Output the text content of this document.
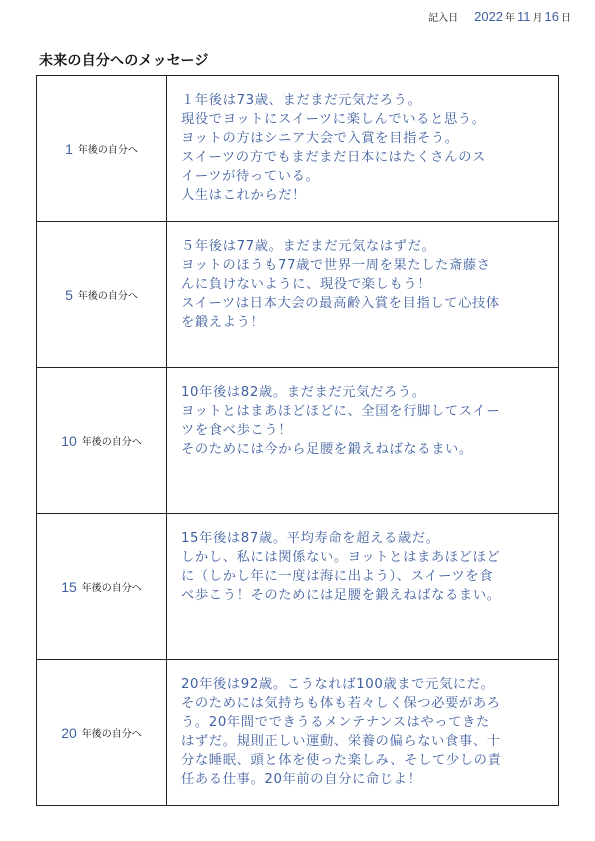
記入日 2022 年 11 月 16 日
未来の自分へのメッセージ
1 年後の自分へ
１年後は73歳、まだまだ元気だろう。
現役でヨットにスイーツに楽しんでいると思う。
ヨットの方はシニア大会で入賞を目指そう。
スイーツの方でもまだまだ日本にはたくさんのス
イーツが待っている。
人生はこれからだ！
5 年後の自分へ
５年後は77歳。まだまだ元気なはずだ。
ヨットのほうも77歳で世界一周を果たした斎藤さ
んに負けないように、現役で楽しもう！
スイーツは日本大会の最高齢入賞を目指して心技体
を鍛えよう！
10 年後の自分へ
10年後は82歳。まだまだ元気だろう。
ヨットとはまあほどほどに、全国を行脚してスイー
ツを食べ歩こう！
そのためには今から足腰を鍛えねばなるまい。
15 年後の自分へ
15年後は87歳。平均寿命を超える歳だ。
しかし、私には関係ない。ヨットとはまあほどほど
に（しかし年に一度は海に出よう）、スイーツを食
べ歩こう！そのためには足腰を鍛えねばなるまい。
20 年後の自分へ
20年後は92歳。こうなれば100歳まで元気にだ。
そのためには気持ちも体も若々しく保つ必要があろ
う。20年間でできうるメンテナンスはやってきた
はずだ。規則正しい運動、栄養の偏らない食事、十
分な睡眠、頭と体を使った楽しみ、そして少しの責
任ある仕事。20年前の自分に命じよ！
